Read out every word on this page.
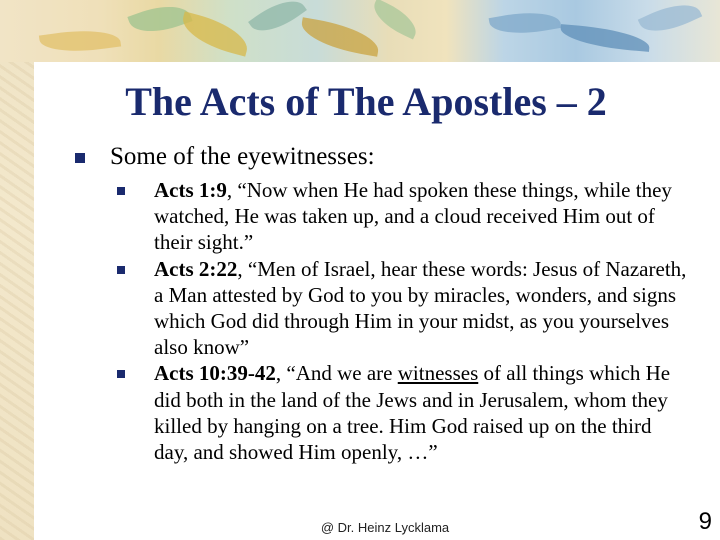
The Acts of The Apostles – 2
Some of the eyewitnesses:
Acts 1:9, “Now when He had spoken these things, while they watched, He was taken up, and a cloud received Him out of their sight.”
Acts 2:22, “Men of Israel, hear these words: Jesus of Nazareth, a Man attested by God to you by miracles, wonders, and signs which God did through Him in your midst, as you yourselves also know”
Acts 10:39-42, “And we are witnesses of all things which He did both in the land of the Jews and in Jerusalem, whom they killed by hanging on a tree. Him God raised up on the third day, and showed Him openly, …”
@ Dr. Heinz Lycklama	9
